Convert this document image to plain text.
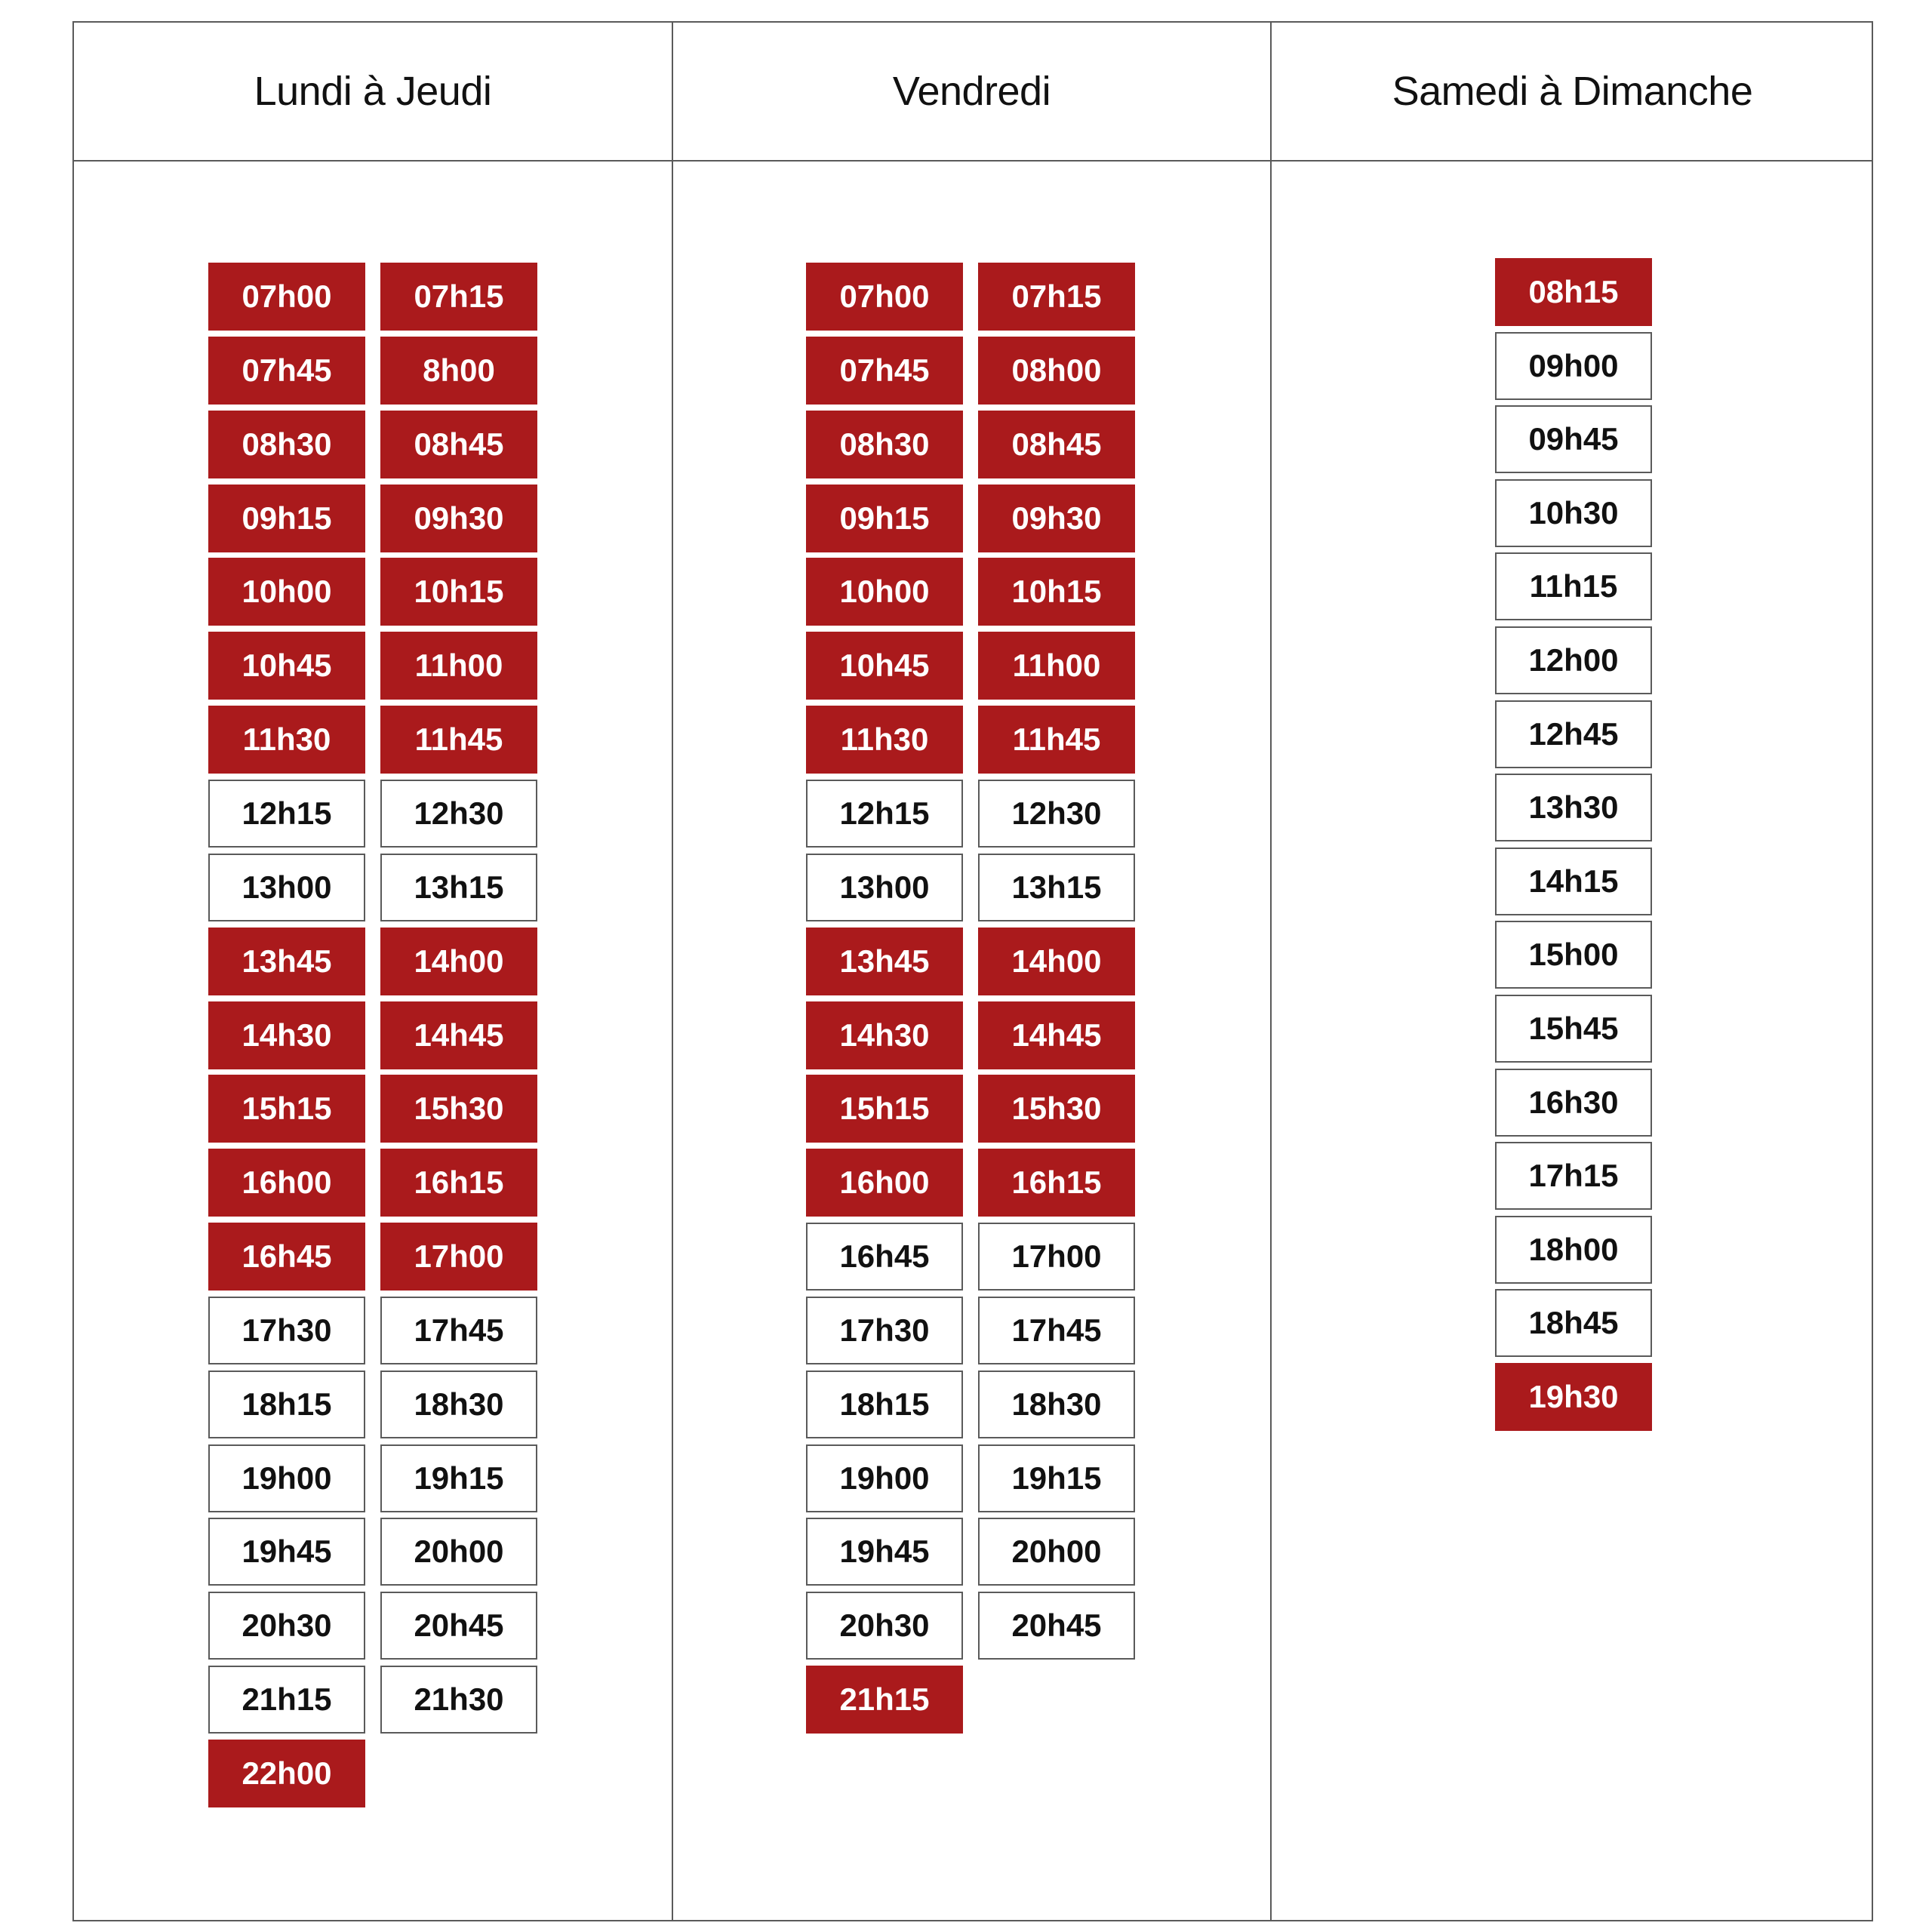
Lundi à Jeudi	Vendredi	Samedi à Dimanche
07h00	07h15
07h45	8h00
08h30	08h45
09h15	09h30
10h00	10h15
10h45	11h00
11h30	11h45
12h15	12h30
13h00	13h15
13h45	14h00
14h30	14h45
15h15	15h30
16h00	16h15
16h45	17h00
17h30	17h45
18h15	18h30
19h00	19h15
19h45	20h00
20h30	20h45
21h15	21h30
22h00
07h00	07h15
07h45	08h00
08h30	08h45
09h15	09h30
10h00	10h15
10h45	11h00
11h30	11h45
12h15	12h30
13h00	13h15
13h45	14h00
14h30	14h45
15h15	15h30
16h00	16h15
16h45	17h00
17h30	17h45
18h15	18h30
19h00	19h15
19h45	20h00
20h30	20h45
21h15
08h15
09h00
09h45
10h30
11h15
12h00
12h45
13h30
14h15
15h00
15h45
16h30
17h15
18h00
18h45
19h30
